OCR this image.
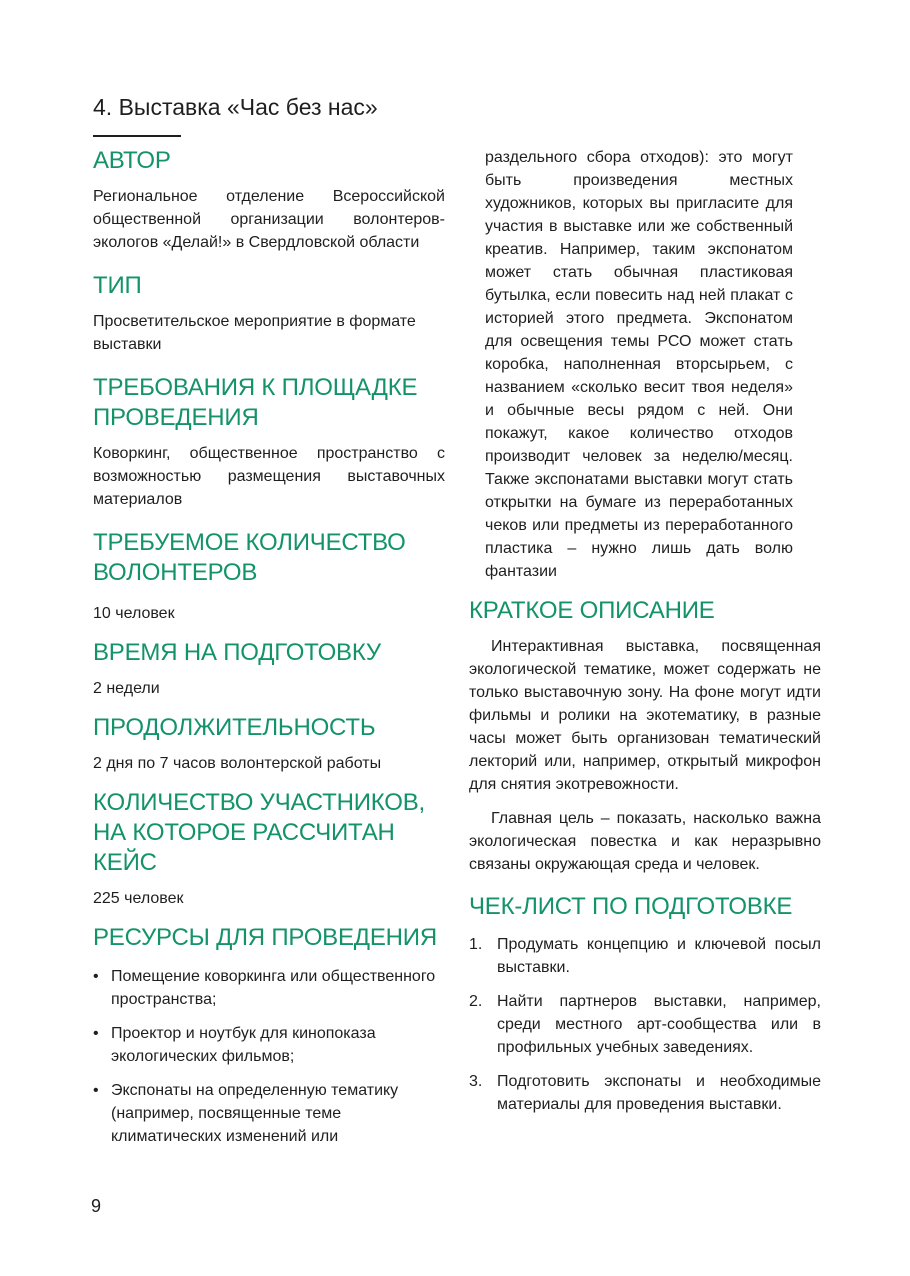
4. Выставка «Час без нас»
АВТОР

Региональное отделение Всероссийской общественной организации волонтеров-экологов «Делай!» в Свердловской области

ТИП

Просветительское мероприятие в формате выставки

ТРЕБОВАНИЯ К ПЛОЩАДКЕ ПРОВЕДЕНИЯ

Коворкинг, общественное пространство с возможностью размещения выставочных материалов

ТРЕБУЕМОЕ КОЛИЧЕСТВО ВОЛОНТЕРОВ

10 человек

ВРЕМЯ НА ПОДГОТОВКУ

2 недели

ПРОДОЛЖИТЕЛЬНОСТЬ

2 дня по 7 часов волонтерской работы

КОЛИЧЕСТВО УЧАСТНИКОВ, НА КОТОРОЕ РАССЧИТАН КЕЙС

225 человек

РЕСУРСЫ ДЛЯ ПРОВЕДЕНИЯ
• Помещение коворкинга или общественного пространства;
• Проектор и ноутбук для кинопоказа экологических фильмов;
• Экспонаты на определенную тематику (например, посвященные теме климатических изменений или

раздельного сбора отходов): это могут быть произведения местных художников, которых вы пригласите для участия в выставке или же собственный креатив. Например, таким экспонатом может стать обычная пластиковая бутылка, если повесить над ней плакат с историей этого предмета. Экспонатом для освещения темы РСО может стать коробка, наполненная вторсырьем, с названием «сколько весит твоя неделя» и обычные весы рядом с ней. Они покажут, какое количество отходов производит человек за неделю/месяц. Также экспонатами выставки могут стать открытки на бумаге из переработанных чеков или предметы из переработанного пластика – нужно лишь дать волю фантазии

КРАТКОЕ ОПИСАНИЕ

Интерактивная выставка, посвященная экологической тематике, может содержать не только выставочную зону. На фоне могут идти фильмы и ролики на экотематику, в разные часы может быть организован тематический лекторий или, например, открытый микрофон для снятия экотревожности.

Главная цель – показать, насколько важна экологическая повестка и как неразрывно связаны окружающая среда и человек.

ЧЕК-ЛИСТ ПО ПОДГОТОВКЕ
1. Продумать концепцию и ключевой посыл выставки.
2. Найти партнеров выставки, например, среди местного арт-сообщества или в профильных учебных заведениях.
3. Подготовить экспонаты и необходимые материалы для проведения выставки.
9
